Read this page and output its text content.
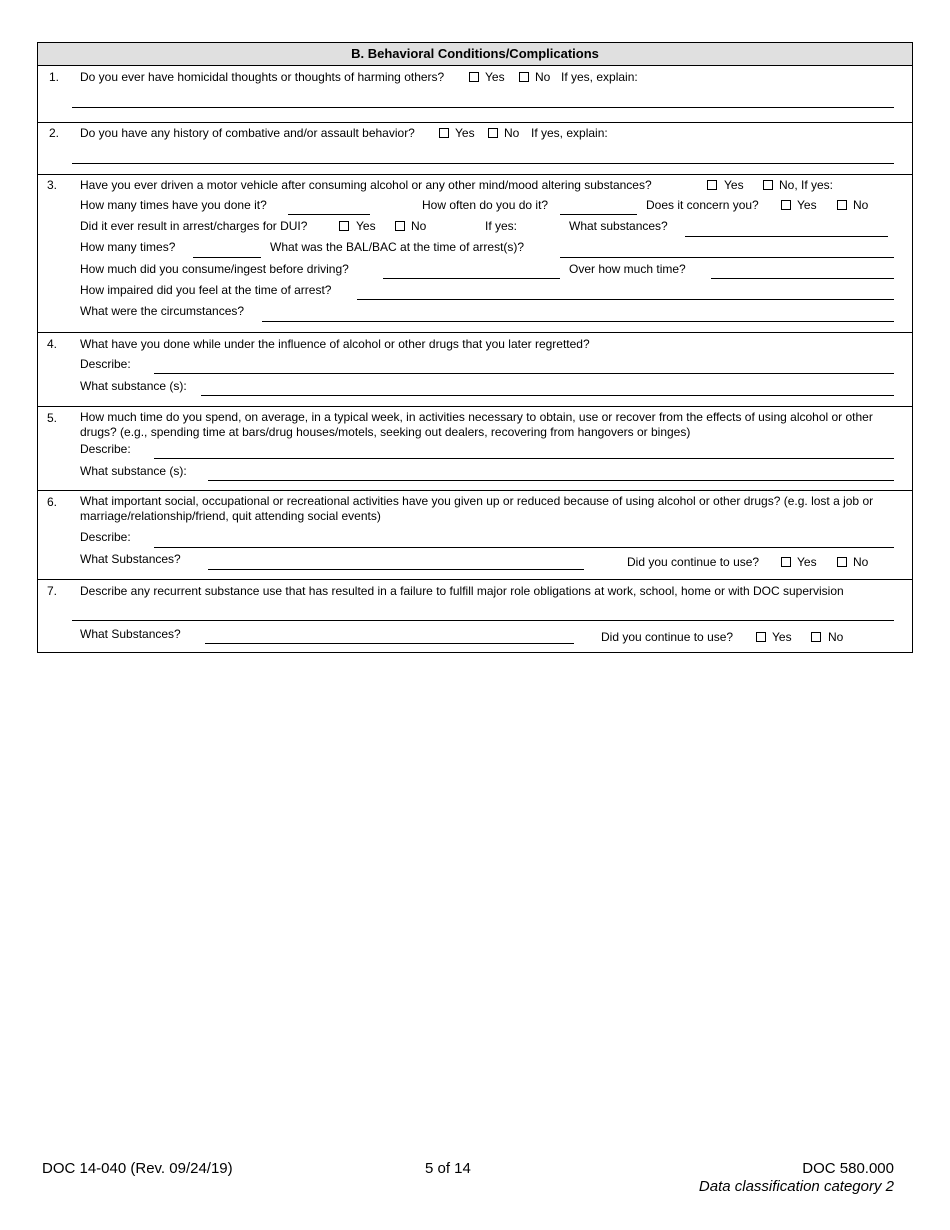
B. Behavioral Conditions/Complications
1. Do you ever have homicidal thoughts or thoughts of harming others?	Yes	No If yes, explain:
2. Do you have any history of combative and/or assault behavior?	Yes No If yes, explain:
3. Have you ever driven a motor vehicle after consuming alcohol or any other mind/mood altering substances?	Yes	No, If yes:
How many times have you done it?	How often do you do it?	Does it concern you?	Yes	No
Did it ever result in arrest/charges for DUI?	Yes	No	If yes:	What substances?
How many times?	What was the BAL/BAC at the time of arrest(s)?
How much did you consume/ingest before driving?	Over how much time?
How impaired did you feel at the time of arrest?
What were the circumstances?
4. What have you done while under the influence of alcohol or other drugs that you later regretted?
Describe:
What substance (s):
5. How much time do you spend, on average, in a typical week, in activities necessary to obtain, use or recover from the effects of using alcohol or other drugs? (e.g., spending time at bars/drug houses/motels, seeking out dealers, recovering from hangovers or binges)
Describe:
What substance (s):
6. What important social, occupational or recreational activities have you given up or reduced because of using alcohol or other drugs? (e.g. lost a job or marriage/relationship/friend, quit attending social events)
Describe:
What Substances?	Did you continue to use?	Yes	No
7. Describe any recurrent substance use that has resulted in a failure to fulfill major role obligations at work, school, home or with DOC supervision
What Substances?	Did you continue to use?	Yes	No
DOC 14-040 (Rev. 09/24/19)	5 of 14	DOC 580.000
Data classification category 2
